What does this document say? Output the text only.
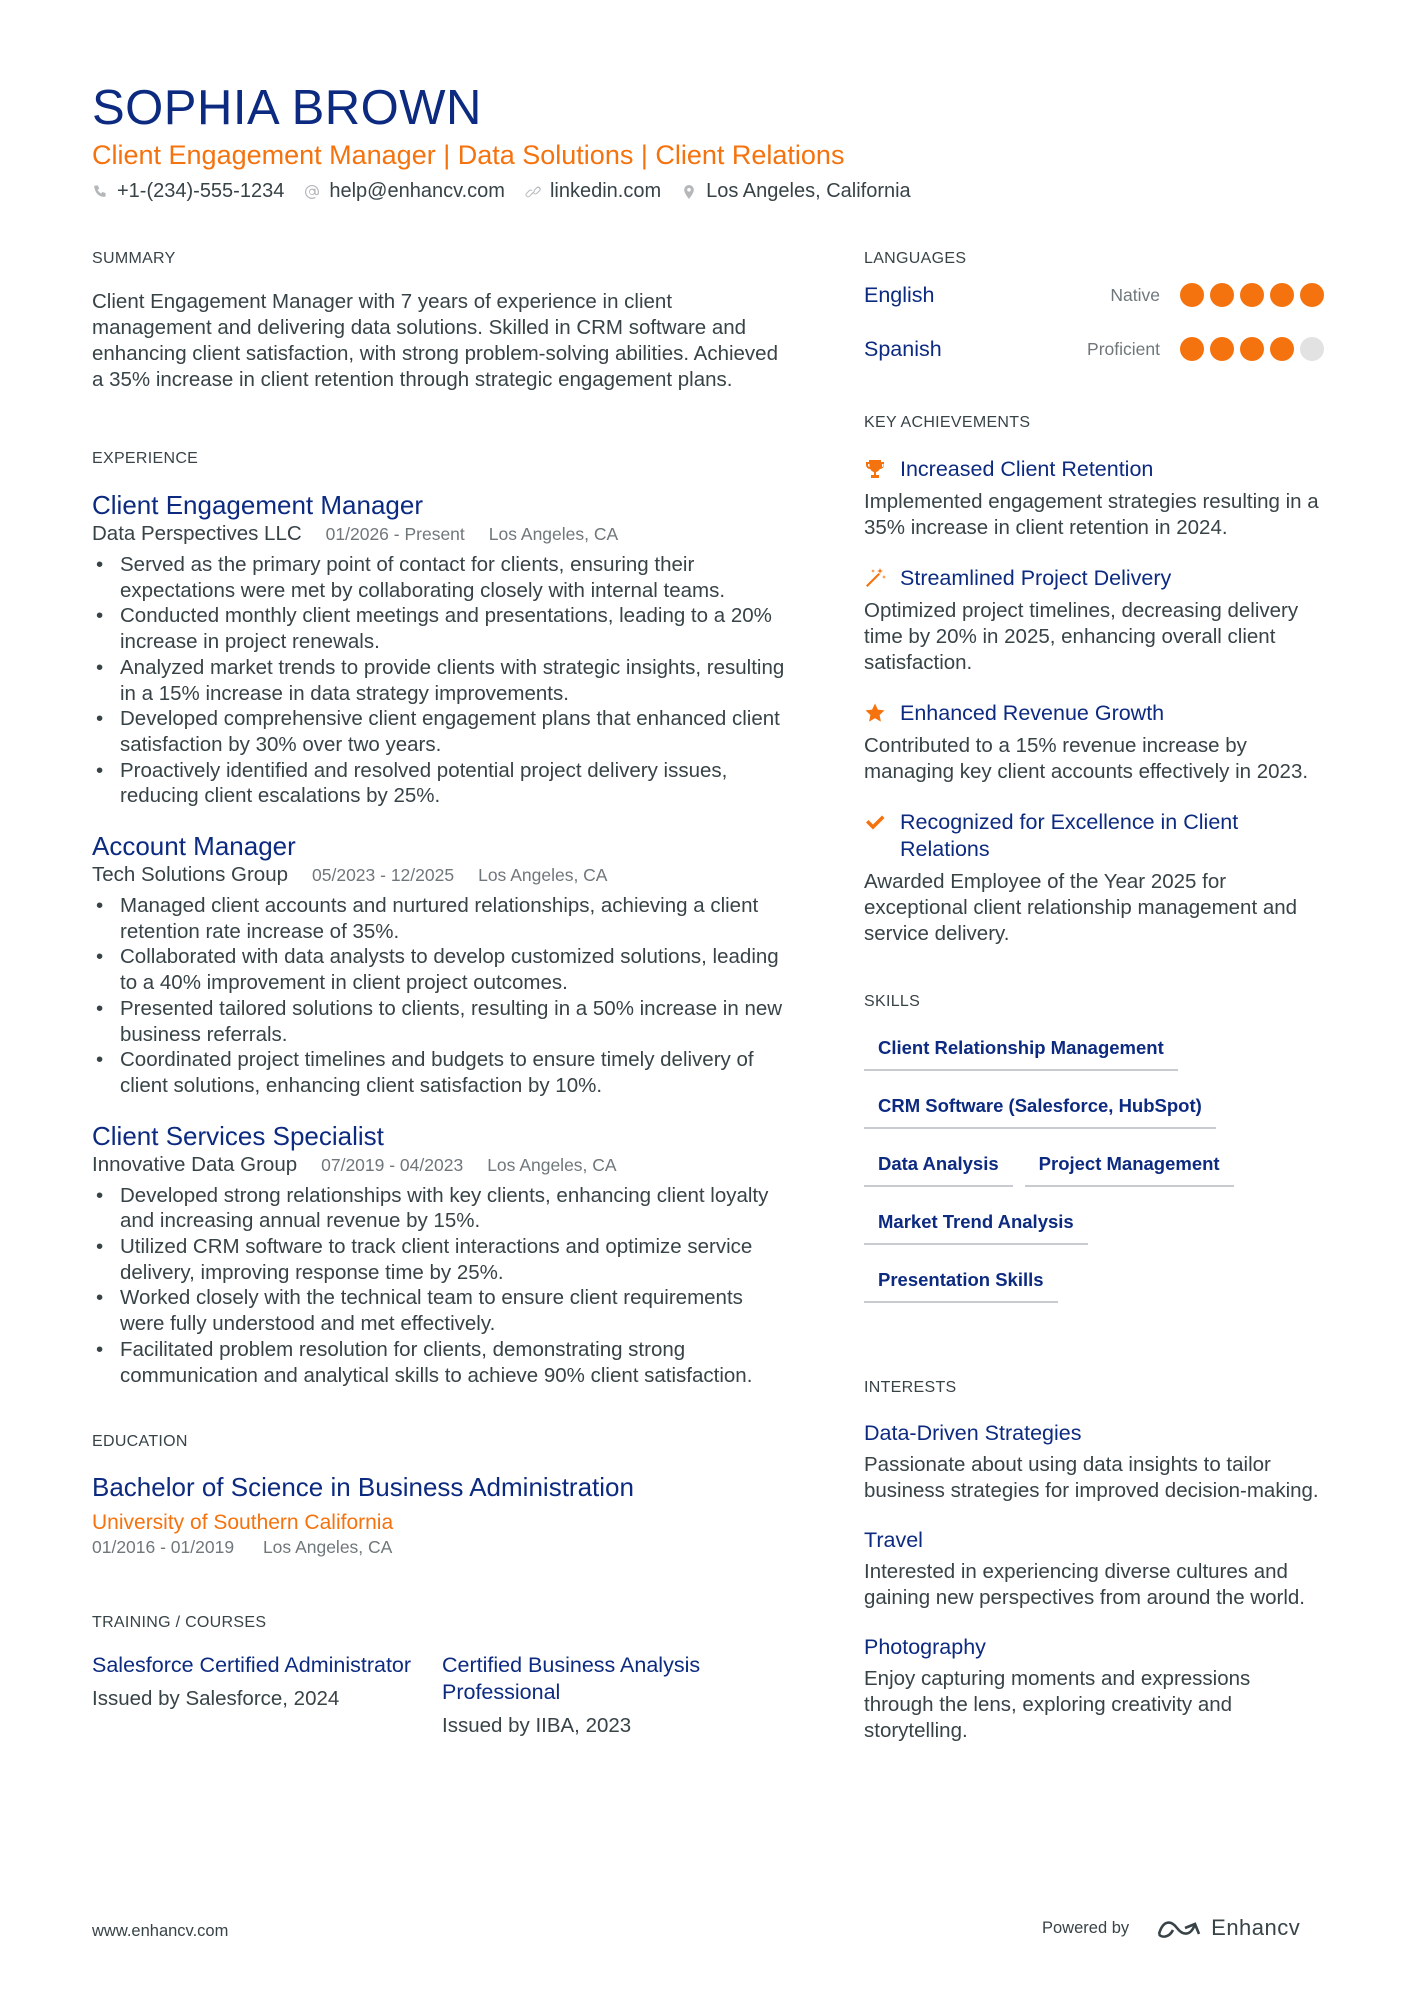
SOPHIA BROWN
Client Engagement Manager | Data Solutions | Client Relations
+1-(234)-555-1234 help@enhancv.com linkedin.com Los Angeles, California
SUMMARY
Client Engagement Manager with 7 years of experience in client management and delivering data solutions. Skilled in CRM software and enhancing client satisfaction, with strong problem-solving abilities. Achieved a 35% increase in client retention through strategic engagement plans.
EXPERIENCE
Client Engagement Manager
Data Perspectives LLC 01/2026 - Present Los Angeles, CA
• Served as the primary point of contact for clients, ensuring their expectations were met by collaborating closely with internal teams.
• Conducted monthly client meetings and presentations, leading to a 20% increase in project renewals.
• Analyzed market trends to provide clients with strategic insights, resulting in a 15% increase in data strategy improvements.
• Developed comprehensive client engagement plans that enhanced client satisfaction by 30% over two years.
• Proactively identified and resolved potential project delivery issues, reducing client escalations by 25%.
Account Manager
Tech Solutions Group 05/2023 - 12/2025 Los Angeles, CA
• Managed client accounts and nurtured relationships, achieving a client retention rate increase of 35%.
• Collaborated with data analysts to develop customized solutions, leading to a 40% improvement in client project outcomes.
• Presented tailored solutions to clients, resulting in a 50% increase in new business referrals.
• Coordinated project timelines and budgets to ensure timely delivery of client solutions, enhancing client satisfaction by 10%.
Client Services Specialist
Innovative Data Group 07/2019 - 04/2023 Los Angeles, CA
• Developed strong relationships with key clients, enhancing client loyalty and increasing annual revenue by 15%.
• Utilized CRM software to track client interactions and optimize service delivery, improving response time by 25%.
• Worked closely with the technical team to ensure client requirements were fully understood and met effectively.
• Facilitated problem resolution for clients, demonstrating strong communication and analytical skills to achieve 90% client satisfaction.
EDUCATION
Bachelor of Science in Business Administration
University of Southern California
01/2016 - 01/2019 Los Angeles, CA
TRAINING / COURSES
Salesforce Certified Administrator
Issued by Salesforce, 2024
Certified Business Analysis Professional
Issued by IIBA, 2023
LANGUAGES
English	Native
Spanish	Proficient
KEY ACHIEVEMENTS
Increased Client Retention
Implemented engagement strategies resulting in a 35% increase in client retention in 2024.
Streamlined Project Delivery
Optimized project timelines, decreasing delivery time by 20% in 2025, enhancing overall client satisfaction.
Enhanced Revenue Growth
Contributed to a 15% revenue increase by managing key client accounts effectively in 2023.
Recognized for Excellence in Client Relations
Awarded Employee of the Year 2025 for exceptional client relationship management and service delivery.
SKILLS
Client Relationship Management
CRM Software (Salesforce, HubSpot)
Data Analysis	Project Management
Market Trend Analysis
Presentation Skills
INTERESTS
Data-Driven Strategies
Passionate about using data insights to tailor business strategies for improved decision-making.
Travel
Interested in experiencing diverse cultures and gaining new perspectives from around the world.
Photography
Enjoy capturing moments and expressions through the lens, exploring creativity and storytelling.
www.enhancv.com	Powered by	Enhancv
